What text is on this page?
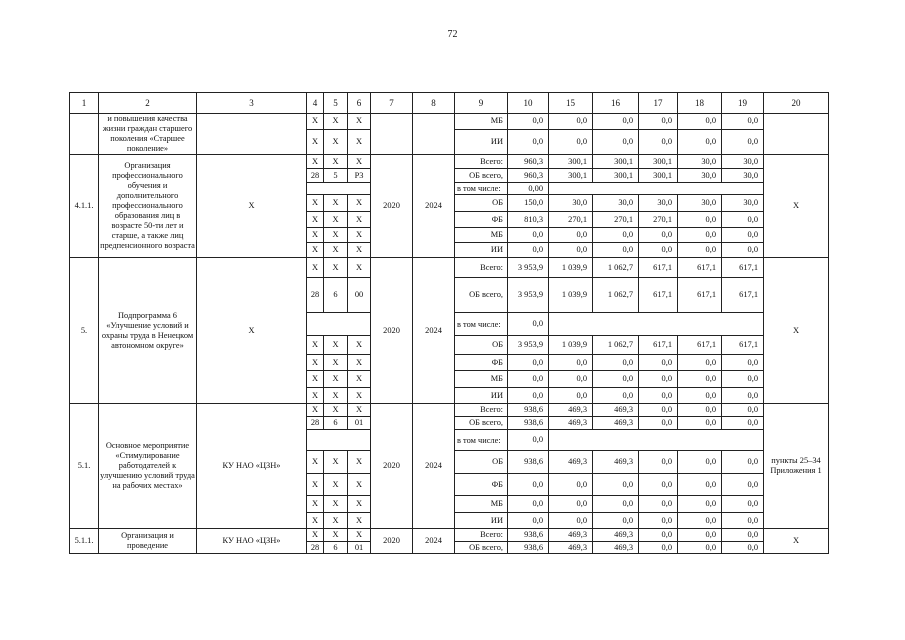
72
1	2	3	4	5	6	7	8	9	10	15	16	17	18	19	20
	и повышения качества жизни граждан старшего поколения «Старшее поколение»		Х	Х	Х			МБ	0,0	0,0	0,0	0,0	0,0	0,0	
			Х	Х	Х			ИИ	0,0	0,0	0,0	0,0	0,0	0,0	
4.1.1.	Организация профессионального обучения и дополнительного профессионального образования лиц в возрасте 50-ти лет и старше, а также лиц предпенсионного возраста	Х	Х	Х	Х	2020	2024	Всего:	960,3	300,1	300,1	300,1	30,0	30,0	Х
			28	5	Р3			ОБ всего,	960,3	300,1	300,1	300,1	30,0	30,0	
								в том числе:	0,00						
			Х	Х	Х			ОБ	150,0	30,0	30,0	30,0	30,0	30,0	
			Х	Х	Х			ФБ	810,3	270,1	270,1	270,1	0,0	0,0	
			Х	Х	Х			МБ	0,0	0,0	0,0	0,0	0,0	0,0	
			Х	Х	Х			ИИ	0,0	0,0	0,0	0,0	0,0	0,0	
5.	Подпрограмма 6 «Улучшение условий и охраны труда в Ненецком автономном округе»	Х	Х	Х	Х	2020	2024	Всего:	3 953,9	1 039,9	1 062,7	617,1	617,1	617,1	Х
			28	6	00			ОБ всего,	3 953,9	1 039,9	1 062,7	617,1	617,1	617,1	
								в том числе:	0,0						
			Х	Х	Х			ОБ	3 953,9	1 039,9	1 062,7	617,1	617,1	617,1	
			Х	Х	Х			ФБ	0,0	0,0	0,0	0,0	0,0	0,0	
			Х	Х	Х			МБ	0,0	0,0	0,0	0,0	0,0	0,0	
			Х	Х	Х			ИИ	0,0	0,0	0,0	0,0	0,0	0,0	
5.1.	Основное мероприятие «Стимулирование работодателей к улучшению условий труда на рабочих местах»	КУ НАО «ЦЗН»	Х	Х	Х	2020	2024	Всего:	938,6	469,3	469,3	0,0	0,0	0,0	пункты 25–34 Приложения 1
			28	6	01			ОБ всего,	938,6	469,3	469,3	0,0	0,0	0,0	
								в том числе:	0,0						
			Х	Х	Х			ОБ	938,6	469,3	469,3	0,0	0,0	0,0	
			Х	Х	Х			ФБ	0,0	0,0	0,0	0,0	0,0	0,0	
			Х	Х	Х			МБ	0,0	0,0	0,0	0,0	0,0	0,0	
			Х	Х	Х			ИИ	0,0	0,0	0,0	0,0	0,0	0,0	
5.1.1.	Организация и проведение	КУ НАО «ЦЗН»	Х	Х	Х	2020	2024	Всего:	938,6	469,3	469,3	0,0	0,0	0,0	Х
			28	6	01			ОБ всего,	938,6	469,3	469,3	0,0	0,0	0,0	
